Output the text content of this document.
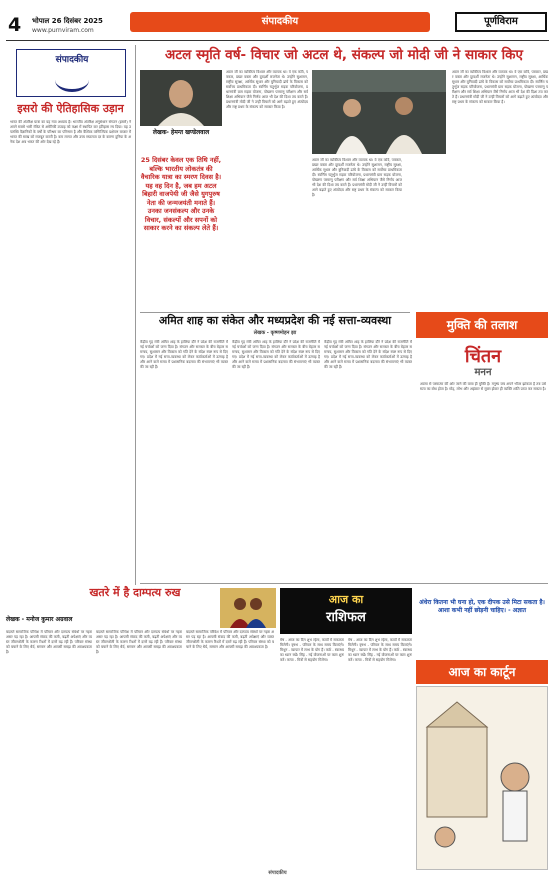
4 भोपाल 26 दिसंबर 2025
www.purnviram.com
संपादकीय	पूर्णविराम
संपादकीय
इसरो की ऐतिहासिक उड़ान
भारत की अंतरिक्ष यात्रा का यह नया अध्याय है। भारतीय अंतरिक्ष अनुसंधान संगठन (इसरो) ने अपने सबसे भारी रॉकेट से अमेरिकी उपग्रह को कक्षा में स्थापित कर इतिहास रच दिया। यह उपलब्धि वैज्ञानिकों के वर्षों के परिश्रम का परिणाम है और वैश्विक वाणिज्यिक प्रक्षेपण बाजार में भारत की साख को मजबूत करती है। कम लागत और उच्च सफलता दर के कारण दुनिया के अनेक देश अब भारत की ओर देख रहे हैं।
अटल स्मृति वर्ष- विचार जो अटल थे, संकल्प जो मोदी जी ने साकार किए
लेखक- हेमन्त खण्डेलवाल
25 दिसंबर केवल एक तिथि नहीं, बल्कि भारतीय लोकतंत्र की वैचारिक यात्रा का स्मरण दिवस है। यह वह दिन है, जब हम अटल बिहारी वाजपेयी जी जैसे युगपुरुष नेता की जन्मजयंती मनाते हैं। उनका जनसंकल्प और उनके विचार, संकल्पों और सपनों को साकार करने का संकल्प लेते हैं।
अटल जी का व्यक्तित्व विशाल और व्यापक था। वे एक कवि, पत्रकार, प्रखर वक्ता और दूरदर्शी राजनेता थे। उन्होंने सुशासन, राष्ट्रीय सुरक्षा, आर्थिक सुधार और बुनियादी ढांचे के विकास को सर्वोच्च प्राथमिकता दी। स्वर्णिम चतुर्भुज सड़क परियोजना, प्रधानमंत्री ग्राम सड़क योजना, पोखरण परमाणु परीक्षण और सर्व शिक्षा अभियान जैसे निर्णय आज भी देश की दिशा तय करते हैं। प्रधानमंत्री मोदी जी ने उन्हीं विचारों को आगे बढ़ाते हुए अंत्योदय और राष्ट्र प्रथम के संकल्प को साकार किया है।
अटल जी का व्यक्तित्व विशाल और व्यापक था। वे एक कवि, पत्रकार, प्रखर वक्ता और दूरदर्शी राजनेता थे। उन्होंने सुशासन, राष्ट्रीय सुरक्षा, आर्थिक सुधार और बुनियादी ढांचे के विकास को सर्वोच्च प्राथमिकता दी। स्वर्णिम चतुर्भुज सड़क परियोजना, प्रधानमंत्री ग्राम सड़क योजना, पोखरण परमाणु परीक्षण और सर्व शिक्षा अभियान जैसे निर्णय आज भी देश की दिशा तय करते हैं। प्रधानमंत्री मोदी जी ने उन्हीं विचारों को आगे बढ़ाते हुए अंत्योदय और राष्ट्र प्रथम के संकल्प को साकार किया है।
अटल जी का व्यक्तित्व विशाल और व्यापक था। वे एक कवि, पत्रकार, प्रखर वक्ता और दूरदर्शी राजनेता थे। उन्होंने सुशासन, राष्ट्रीय सुरक्षा, आर्थिक सुधार और बुनियादी ढांचे के विकास को सर्वोच्च प्राथमिकता दी। स्वर्णिम चतुर्भुज सड़क परियोजना, प्रधानमंत्री ग्राम सड़क योजना, पोखरण परमाणु परीक्षण और सर्व शिक्षा अभियान जैसे निर्णय आज भी देश की दिशा तय करते हैं। प्रधानमंत्री मोदी जी ने उन्हीं विचारों को आगे बढ़ाते हुए अंत्योदय और राष्ट्र प्रथम के संकल्प को साकार किया है।
अमित शाह का संकेत और मध्यप्रदेश की नई सत्ता-व्यवस्था
लेखक - कृष्णमोहन झा
केंद्रीय गृह मंत्री अमित शाह के हालिया दौरे ने प्रदेश की राजनीति में नई चर्चाओं को जन्म दिया है। संगठन और सरकार के बीच बेहतर समन्वय, सुशासन और विकास को गति देने के संदेश स्पष्ट रूप से दिए गए। प्रदेश में नई सत्ता-व्यवस्था को लेकर कार्यकर्ताओं में उत्साह है और आने वाले समय में प्रशासनिक बदलाव की संभावनाएं भी व्यक्त की जा रही हैं।
केंद्रीय गृह मंत्री अमित शाह के हालिया दौरे ने प्रदेश की राजनीति में नई चर्चाओं को जन्म दिया है। संगठन और सरकार के बीच बेहतर समन्वय, सुशासन और विकास को गति देने के संदेश स्पष्ट रूप से दिए गए। प्रदेश में नई सत्ता-व्यवस्था को लेकर कार्यकर्ताओं में उत्साह है और आने वाले समय में प्रशासनिक बदलाव की संभावनाएं भी व्यक्त की जा रही हैं।
केंद्रीय गृह मंत्री अमित शाह के हालिया दौरे ने प्रदेश की राजनीति में नई चर्चाओं को जन्म दिया है। संगठन और सरकार के बीच बेहतर समन्वय, सुशासन और विकास को गति देने के संदेश स्पष्ट रूप से दिए गए। प्रदेश में नई सत्ता-व्यवस्था को लेकर कार्यकर्ताओं में उत्साह है और आने वाले समय में प्रशासनिक बदलाव की संभावनाएं भी व्यक्त की जा रही हैं।
मुक्ति की तलाश
चिंतन
मनन
आत्मा से परमात्मा की ओर जाने की यात्रा ही मुक्ति है। मनुष्य जब अपने भीतर झांकता है तब उसे सत्य का बोध होता है। मोह, लोभ और अहंकार से मुक्त होकर ही व्यक्ति शांति प्राप्त कर सकता है।
खतरे में है दाम्पत्य रुख
लेखक - मनोज कुमार अग्रवाल
बदलते सामाजिक परिवेश में परिवार और दाम्पत्य संबंधों पर गहरा असर पड़ रहा है। आपसी संवाद की कमी, बढ़ती अपेक्षाएं और व्यस्त जीवनशैली के कारण रिश्तों में दरारें बढ़ रही हैं। परिवार संस्था को बचाने के लिए धैर्य, सम्मान और आपसी समझ की आवश्यकता है।
बदलते सामाजिक परिवेश में परिवार और दाम्पत्य संबंधों पर गहरा असर पड़ रहा है। आपसी संवाद की कमी, बढ़ती अपेक्षाएं और व्यस्त जीवनशैली के कारण रिश्तों में दरारें बढ़ रही हैं। परिवार संस्था को बचाने के लिए धैर्य, सम्मान और आपसी समझ की आवश्यकता है।
बदलते सामाजिक परिवेश में परिवार और दाम्पत्य संबंधों पर गहरा असर पड़ रहा है। आपसी संवाद की कमी, बढ़ती अपेक्षाएं और व्यस्त जीवनशैली के कारण रिश्तों में दरारें बढ़ रही हैं। परिवार संस्था को बचाने के लिए धैर्य, सम्मान और आपसी समझ की आवश्यकता है।
आज का
राशिफल
मेष - आज का दिन शुभ रहेगा, कार्यों में सफलता मिलेगी। वृषभ - परिवार के साथ समय बिताएंगे। मिथुन - व्यापार में लाभ के योग हैं। कर्क - स्वास्थ्य का ध्यान रखें। सिंह - नई योजनाओं पर काम शुरू करें। कन्या - मित्रों से सहयोग मिलेगा।
मेष - आज का दिन शुभ रहेगा, कार्यों में सफलता मिलेगी। वृषभ - परिवार के साथ समय बिताएंगे। मिथुन - व्यापार में लाभ के योग हैं। कर्क - स्वास्थ्य का ध्यान रखें। सिंह - नई योजनाओं पर काम शुरू करें। कन्या - मित्रों से सहयोग मिलेगा।
अंधेरा कितना भी घना हो, एक दीपक उसे मिटा सकता है। आशा कभी नहीं छोड़नी चाहिए। - अज्ञात
आज का कार्टून
संपादकीय
